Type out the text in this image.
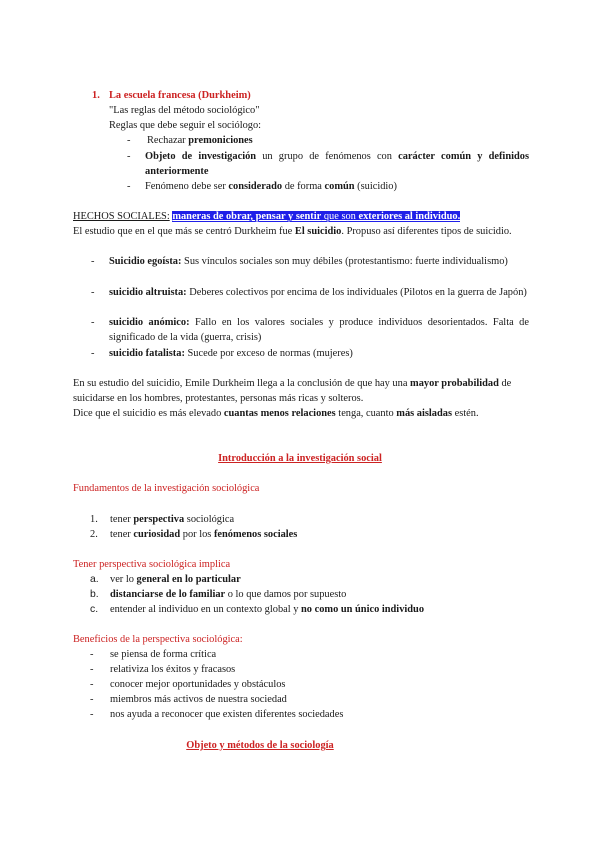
1. La escuela francesa (Durkheim)
"Las reglas del método sociológico"
Reglas que debe seguir el sociólogo:
- Rechazar premoniciones
- Objeto de investigación un grupo de fenómenos con carácter común y definidos anteriormente

- Fenómeno debe ser considerado de forma común (suicidio)

HECHOS SOCIALES: maneras de obrar, pensar y sentir que son exteriores al individuo.
El estudio que en el que más se centró Durkheim fue El suicidio. Propuso así diferentes tipos de suicidio.
- Suicidio egoísta: Sus vínculos sociales son muy débiles (protestantismo: fuerte individualismo)

- suicidio altruista: Deberes colectivos por encima de los individuales (Pilotos en la guerra de Japón)

- suicidio anómico: Fallo en los valores sociales y produce individuos desorientados. Falta de significado de la vida (guerra, crisis)

- suicidio fatalista: Sucede por exceso de normas (mujeres)

En su estudio del suicidio, Emile Durkheim llega a la conclusión de que hay una mayor probabilidad de suicidarse en los hombres, protestantes, personas más ricas y solteros.

Dice que el suicidio es más elevado cuantas menos relaciones tenga, cuanto más aisladas estén.

Introducción a la investigación social
Fundamentos de la investigación sociológica
1. tener perspectiva sociológica
2. tener curiosidad por los fenómenos sociales
Tener perspectiva sociológica implica
a. ver lo general en lo particular
b. distanciarse de lo familiar o lo que damos por supuesto
c. entender al individuo en un contexto global y no como un único individuo
Beneficios de la perspectiva sociológica:
- se piensa de forma crítica
- relativiza los éxitos y fracasos
- conocer mejor oportunidades y obstáculos
- miembros más activos de nuestra sociedad
- nos ayuda a reconocer que existen diferentes sociedades
Objeto y métodos de la sociología
